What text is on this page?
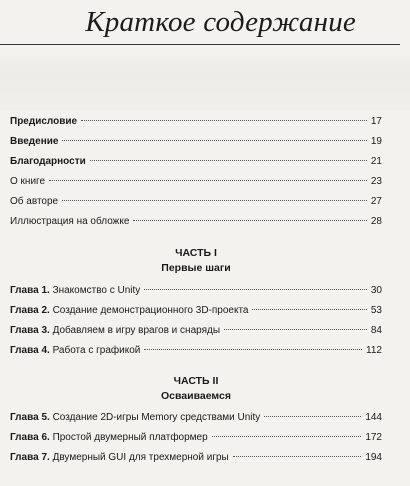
Краткое содержание
Предисловие	17
Введение	19
Благодарности	21
О книге	23
Об авторе	27
Иллюстрация на обложке	28
ЧАСТЬ I
Первые шаги
Глава 1. Знакомство с Unity	30
Глава 2. Создание демонстрационного 3D-проекта	53
Глава 3. Добавляем в игру врагов и снаряды	84
Глава 4. Работа с графикой	112
ЧАСТЬ II
Осваиваемся
Глава 5. Создание 2D-игры Memory средствами Unity	144
Глава 6. Простой двумерный платформер	172
Глава 7. Двумерный GUI для трехмерной игры	194
